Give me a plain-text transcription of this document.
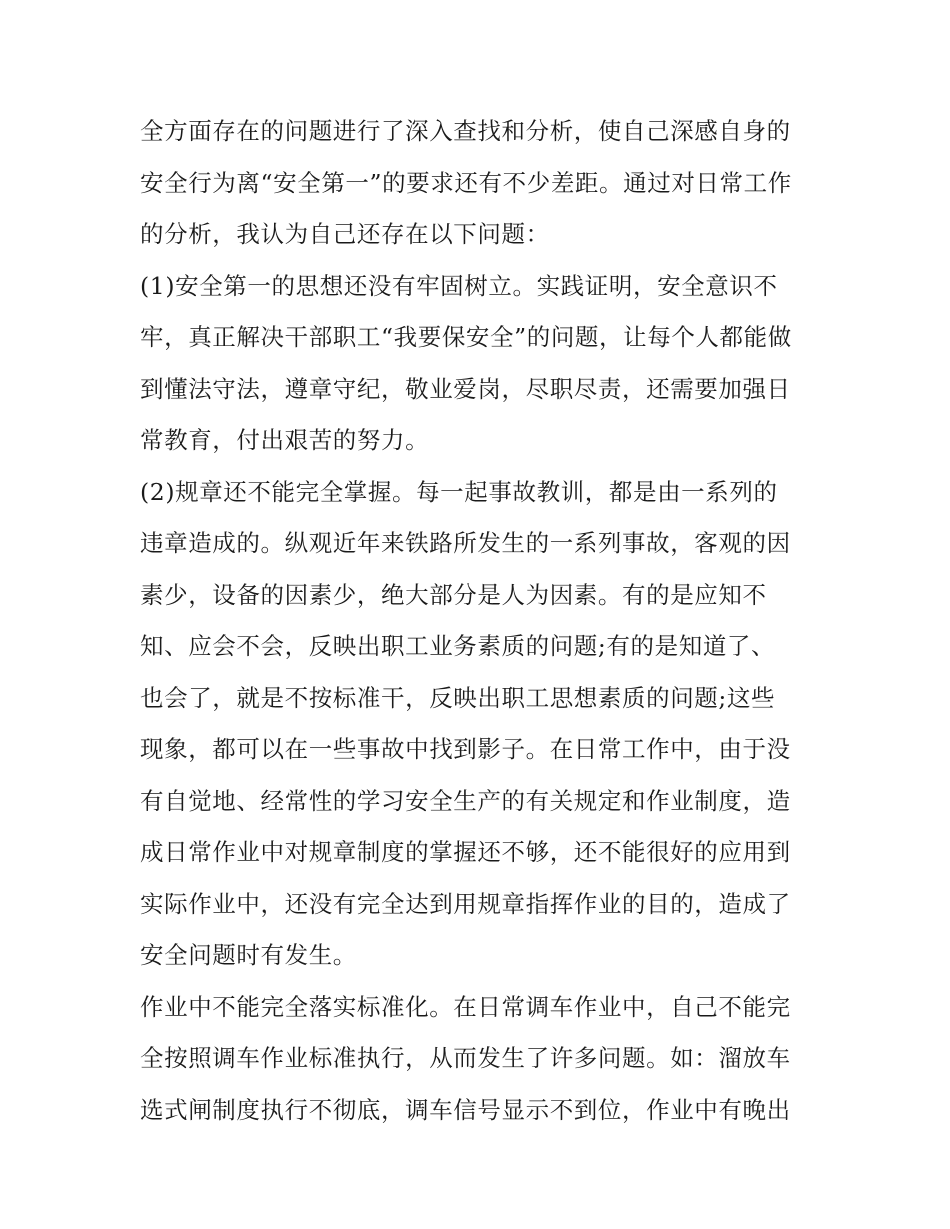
全方面存在的问题进行了深入查找和分析，使自己深感自身的
安全行为离“安全第一”的要求还有不少差距。通过对日常工作
的分析，我认为自己还存在以下问题：
(1)安全第一的思想还没有牢固树立。实践证明，安全意识不
牢，真正解决干部职工“我要保安全”的问题，让每个人都能做
到懂法守法，遵章守纪，敬业爱岗，尽职尽责，还需要加强日
常教育，付出艰苦的努力。
(2)规章还不能完全掌握。每一起事故教训，都是由一系列的
违章造成的。纵观近年来铁路所发生的一系列事故，客观的因
素少，设备的因素少，绝大部分是人为因素。有的是应知不
知、应会不会，反映出职工业务素质的问题;有的是知道了、
也会了，就是不按标准干，反映出职工思想素质的问题;这些
现象，都可以在一些事故中找到影子。在日常工作中，由于没
有自觉地、经常性的学习安全生产的有关规定和作业制度，造
成日常作业中对规章制度的掌握还不够，还不能很好的应用到
实际作业中，还没有完全达到用规章指挥作业的目的，造成了
安全问题时有发生。
作业中不能完全落实标准化。在日常调车作业中，自己不能完
全按照调车作业标准执行，从而发生了许多问题。如：溜放车
选式闸制度执行不彻底，调车信号显示不到位，作业中有晚出
